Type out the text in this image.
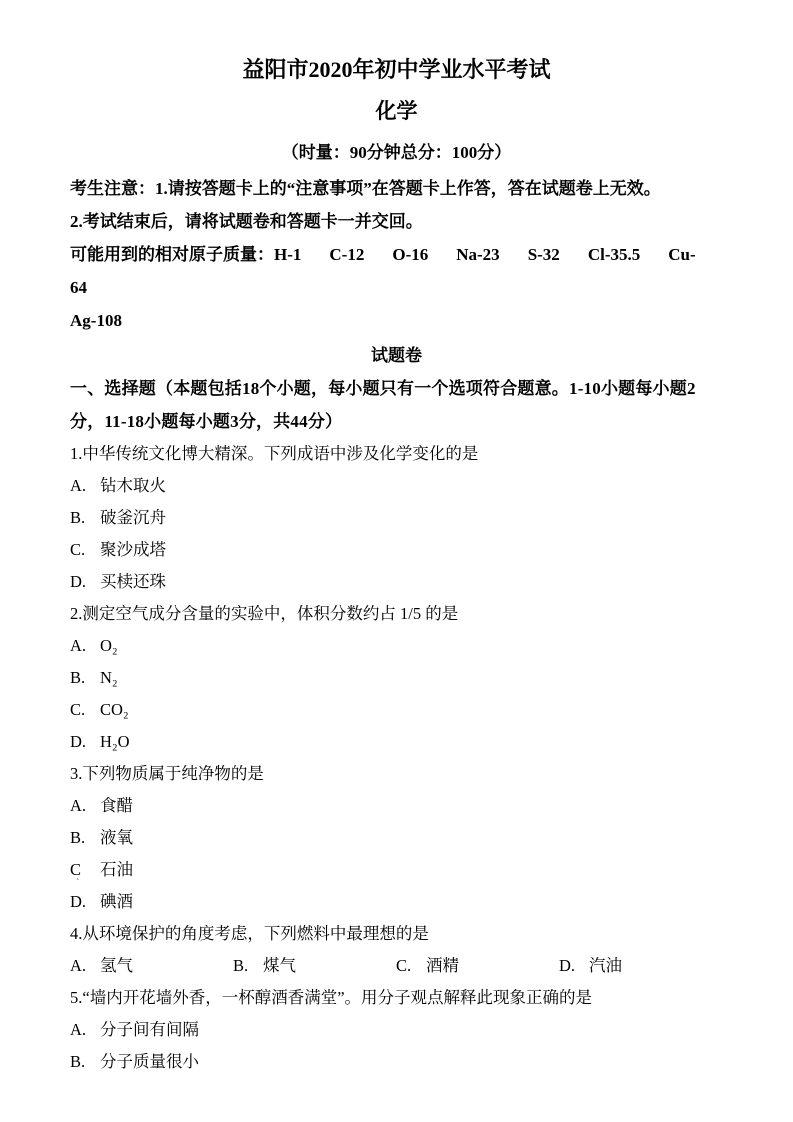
益阳市2020年初中学业水平考试
化学

（时量：90分钟总分：100分）

考生注意：1.请按答题卡上的“注意事项”在答题卡上作答，答在试题卷上无效。

2.考试结束后，请将试题卷和答题卡一并交回。

可能用到的相对原子质量：H-1 C-12 O-16 Na-23 S-32 Cl-35.5 Cu-64

Ag-108

试题卷

一、选择题（本题包括18个小题，每小题只有一个选项符合题意。1-10小题每小题2分，11-18小题每小题3分，共44分）

1.中华传统文化博大精深。下列成语中涉及化学变化的是

A. 钻木取火

B. 破釜沉舟

C. 聚沙成塔

D. 买椟还珠

2.测定空气成分含量的实验中，体积分数约占 1/5 的是

A. O₂

B. N₂

C. CO₂

D. H₂O

3.下列物质属于纯净物的是

A. 食醋

B. 液氧

C 石油

`

D. 碘酒

4.从环境保护的角度考虑，下列燃料中最理想的是

A. 氢气	B. 煤气	C. 酒精	D. 汽油

5.“墙内开花墙外香，一杯醇酒香满堂”。用分子观点解释此现象正确的是

A. 分子间有间隔

B. 分子质量很小
